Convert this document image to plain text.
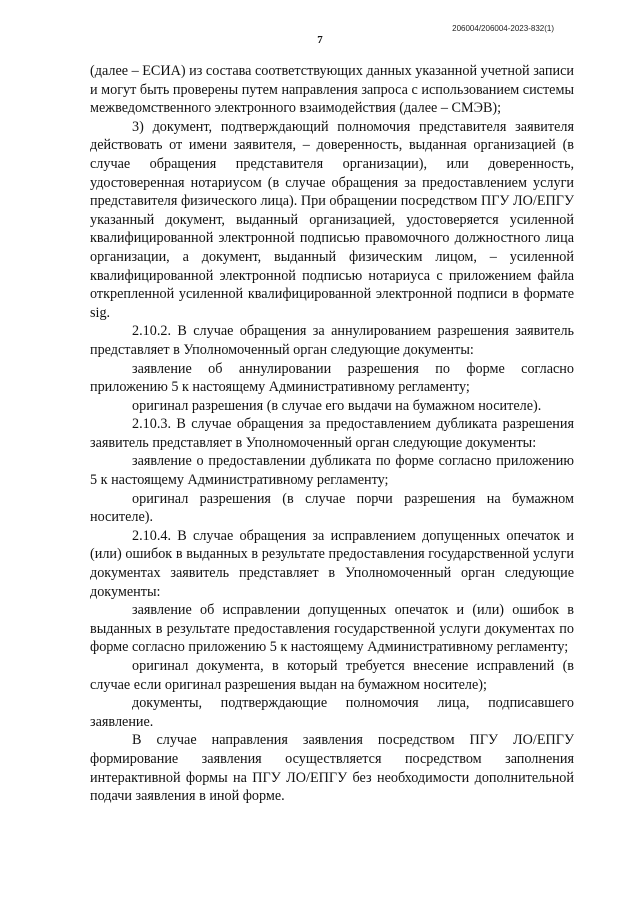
206004/206004-2023-832(1)
7

(далее – ЕСИА) из состава соответствующих данных указанной учетной записи и могут быть проверены путем направления запроса с использованием системы межведомственного электронного взаимодействия (далее – СМЭВ);

3) документ, подтверждающий полномочия представителя заявителя действовать от имени заявителя, – доверенность, выданная организацией (в случае обращения представителя организации), или доверенность, удостоверенная нотариусом (в случае обращения за предоставлением услуги представителя физического лица). При обращении посредством ПГУ ЛО/ЕПГУ указанный документ, выданный организацией, удостоверяется усиленной квалифицированной электронной подписью правомочного должностного лица организации, а документ, выданный физическим лицом, – усиленной квалифицированной электронной подписью нотариуса с приложением файла открепленной усиленной квалифицированной электронной подписи в формате sig.

2.10.2. В случае обращения за аннулированием разрешения заявитель представляет в Уполномоченный орган следующие документы:

заявление об аннулировании разрешения по форме согласно приложению 5 к настоящему Административному регламенту;

оригинал разрешения (в случае его выдачи на бумажном носителе).

2.10.3. В случае обращения за предоставлением дубликата разрешения заявитель представляет в Уполномоченный орган следующие документы:

заявление о предоставлении дубликата по форме согласно приложению 5 к настоящему Административному регламенту;

оригинал разрешения (в случае порчи разрешения на бумажном носителе).

2.10.4. В случае обращения за исправлением допущенных опечаток и (или) ошибок в выданных в результате предоставления государственной услуги документах заявитель представляет в Уполномоченный орган следующие документы:

заявление об исправлении допущенных опечаток и (или) ошибок в выданных в результате предоставления государственной услуги документах по форме согласно приложению 5 к настоящему Административному регламенту;

оригинал документа, в который требуется внесение исправлений (в случае если оригинал разрешения выдан на бумажном носителе);

документы, подтверждающие полномочия лица, подписавшего заявление.

В случае направления заявления посредством ПГУ ЛО/ЕПГУ формирование заявления осуществляется посредством заполнения интерактивной формы на ПГУ ЛО/ЕПГУ без необходимости дополнительной подачи заявления в иной форме.
